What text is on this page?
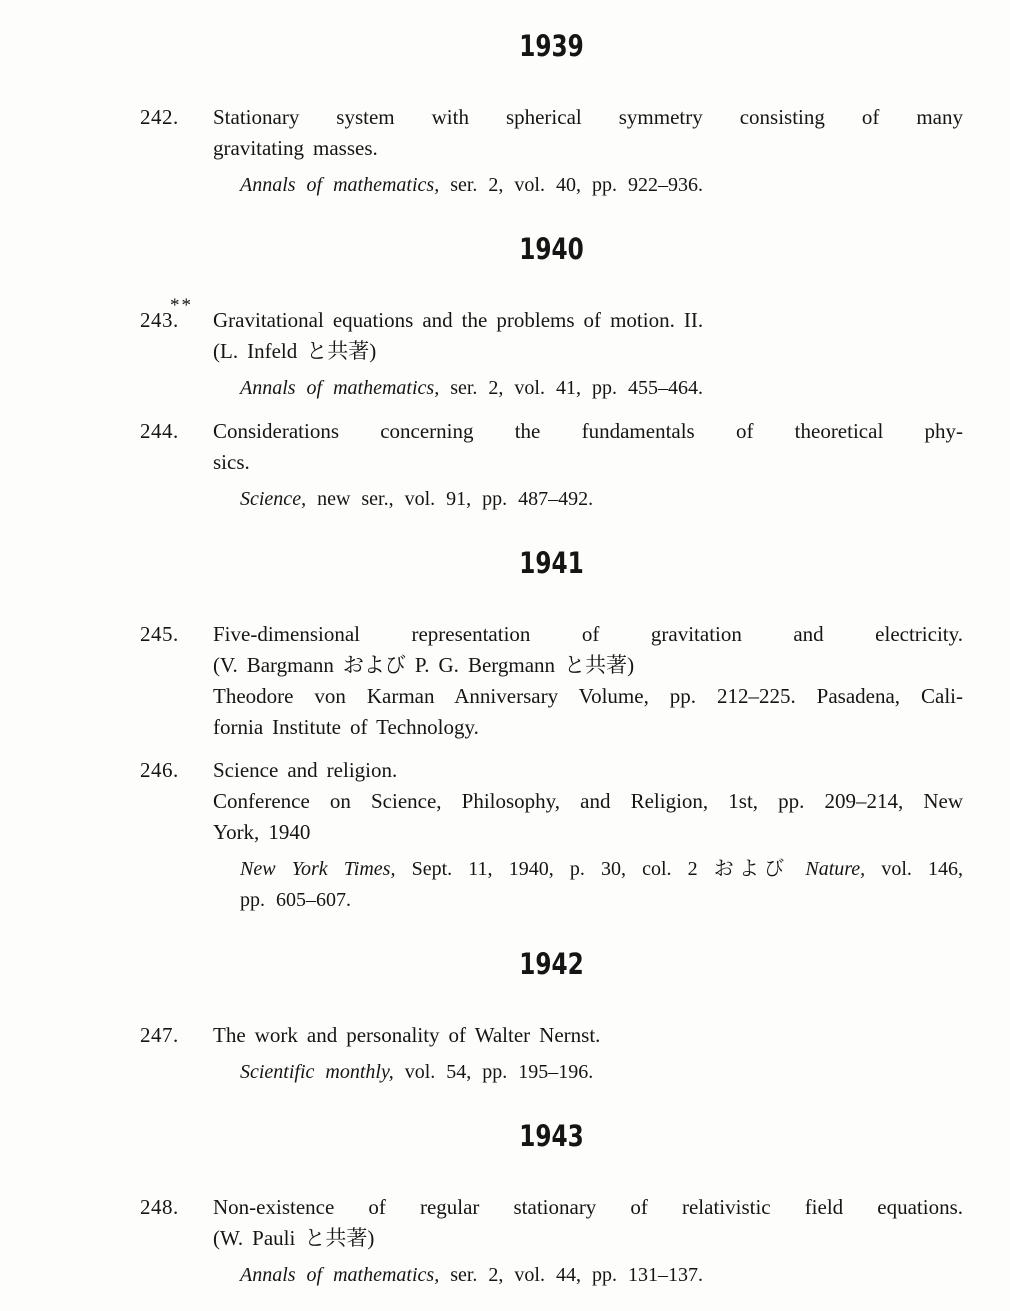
1939
242.	Stationary system with spherical symmetry consisting of many
gravitating masses.
Annals of mathematics, ser. 2, vol. 40, pp. 922–936.
1940
243.
**
Gravitational equations and the problems of motion. II.
(L. Infeld と共著)
Annals of mathematics, ser. 2, vol. 41, pp. 455–464.
244.	Considerations concerning the fundamentals of theoretical phy-
sics.
Science, new ser., vol. 91, pp. 487–492.
1941
245.	Five-dimensional representation of gravitation and electricity.
(V. Bargmann および P. G. Bergmann と共著)
Theodore von Karman Anniversary Volume, pp. 212–225. Pasadena, Cali-
fornia Institute of Technology.
246.	Science and religion.
Conference on Science, Philosophy, and Religion, 1st, pp. 209–214, New
York, 1940
New York Times, Sept. 11, 1940, p. 30, col. 2 および Nature, vol. 146,
pp. 605–607.
1942
247.	The work and personality of Walter Nernst.
Scientific monthly, vol. 54, pp. 195–196.
1943
248.	Non-existence of regular stationary of relativistic field equations.
(W. Pauli と共著)
Annals of mathematics, ser. 2, vol. 44, pp. 131–137.
